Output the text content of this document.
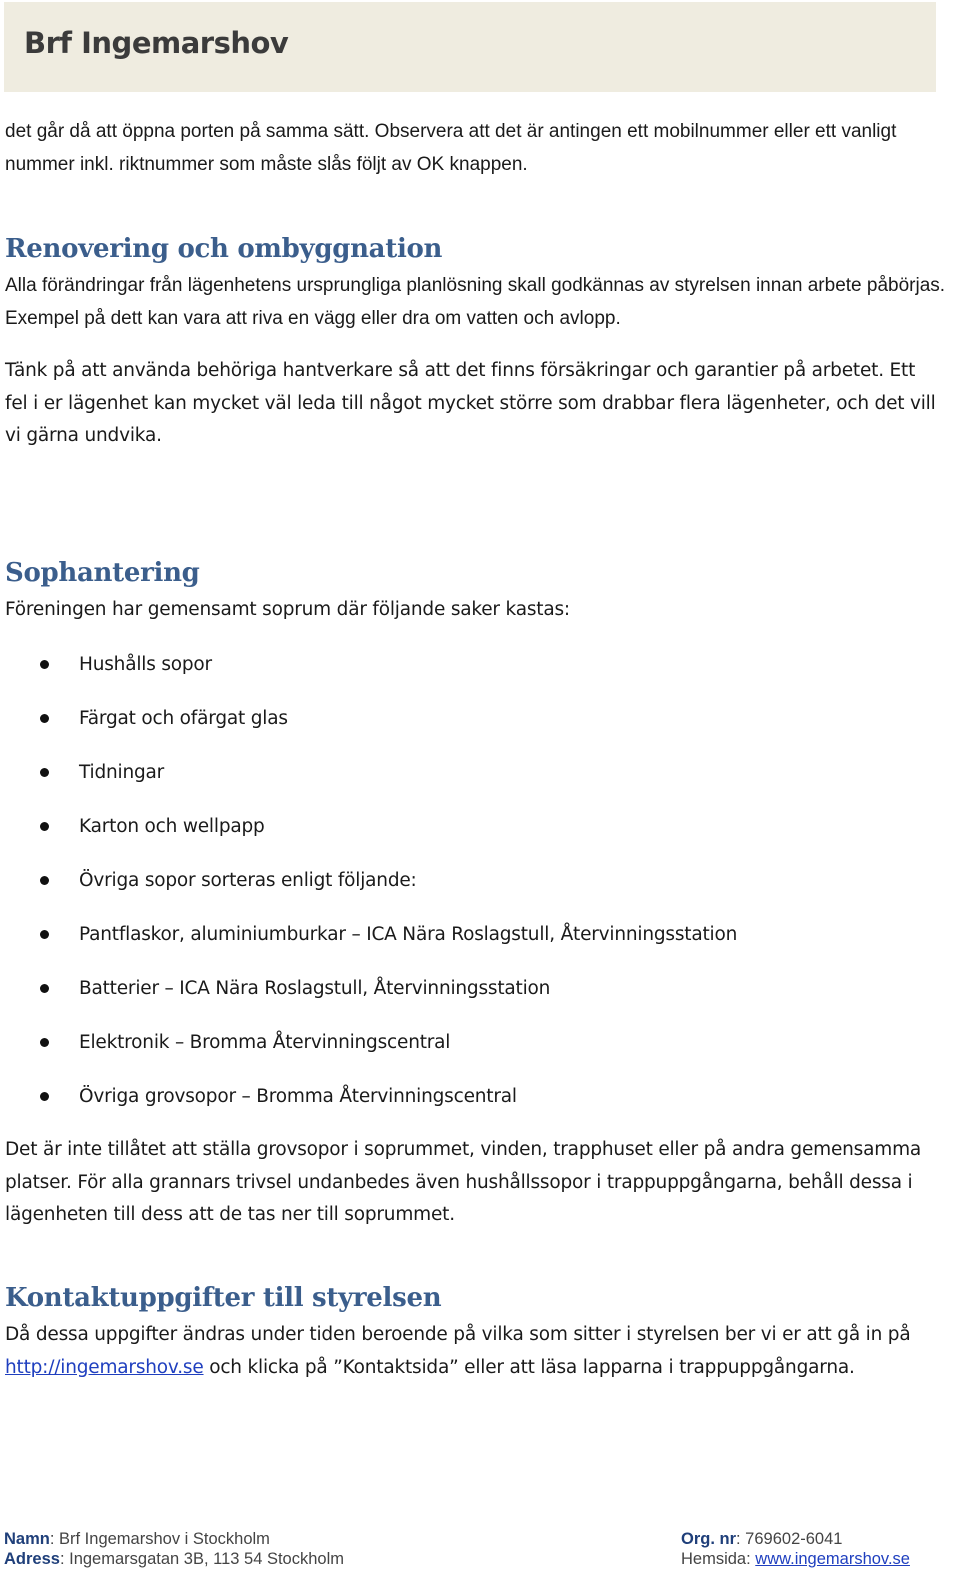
Brf Ingemarshov

det går då att öppna porten på samma sätt. Observera att det är antingen ett mobilnummer eller ett vanligt nummer inkl. riktnummer som måste slås följt av OK knappen.

Renovering och ombyggnation

Alla förändringar från lägenhetens ursprungliga planlösning skall godkännas av styrelsen innan arbete påbörjas. Exempel på dett kan vara att riva en vägg eller dra om vatten och avlopp.

Tänk på att använda behöriga hantverkare så att det finns försäkringar och garantier på arbetet. Ett fel i er lägenhet kan mycket väl leda till något mycket större som drabbar flera lägenheter, och det vill vi gärna undvika.

Sophantering

Föreningen har gemensamt soprum där följande saker kastas:

Hushålls sopor
Färgat och ofärgat glas
Tidningar
Karton och wellpapp
Övriga sopor sorteras enligt följande:
Pantflaskor, aluminiumburkar – ICA Nära Roslagstull, Återvinningsstation
Batterier – ICA Nära Roslagstull, Återvinningsstation
Elektronik – Bromma Återvinningscentral
Övriga grovsopor – Bromma Återvinningscentral

Det är inte tillåtet att ställa grovsopor i soprummet, vinden, trapphuset eller på andra gemensamma platser. För alla grannars trivsel undanbedes även hushållssopor i trappuppgångarna, behåll dessa i lägenheten till dess att de tas ner till soprummet.

Kontaktuppgifter till styrelsen

Då dessa uppgifter ändras under tiden beroende på vilka som sitter i styrelsen ber vi er att gå in på http://ingemarshov.se och klicka på ”Kontaktsida” eller att läsa lapparna i trappuppgångarna.

Namn: Brf Ingemarshov i Stockholm
Adress: Ingemarsgatan 3B, 113 54 Stockholm
Org. nr: 769602-6041
Hemsida: www.ingemarshov.se
